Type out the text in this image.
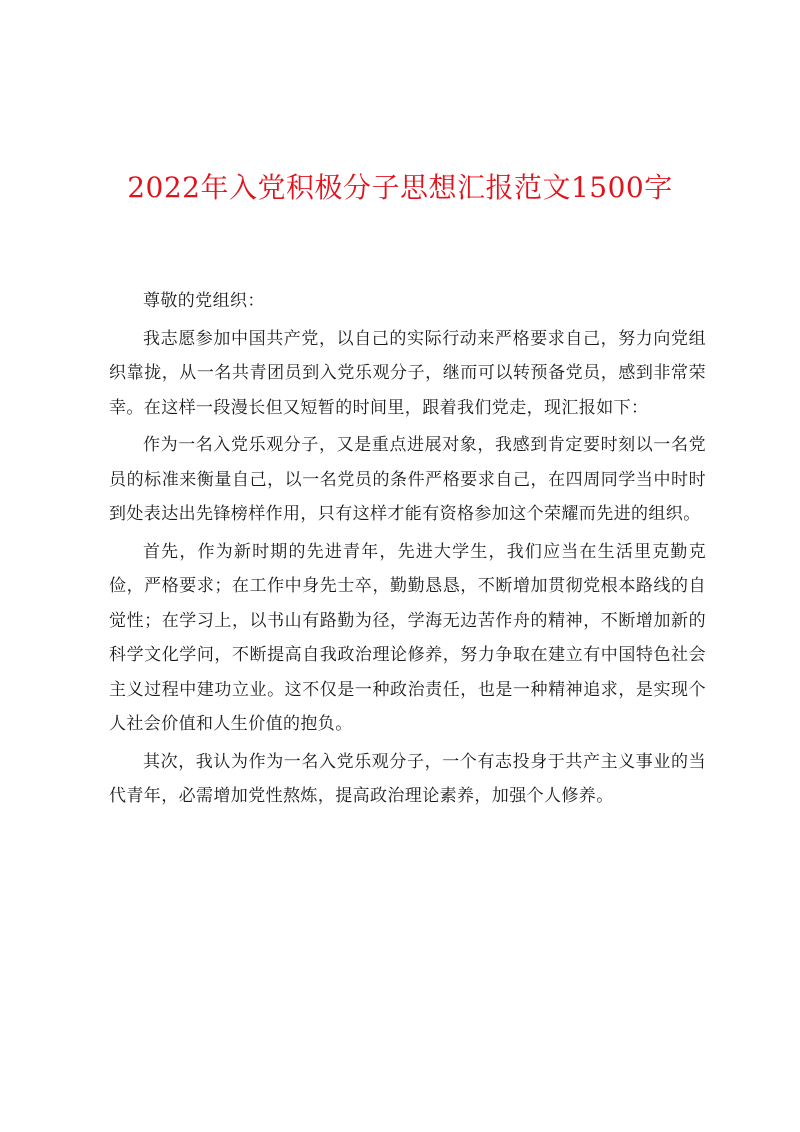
2022年入党积极分子思想汇报范文1500字

尊敬的党组织：

我志愿参加中国共产党，以自己的实际行动来严格要求自己，努力向党组织靠拢，从一名共青团员到入党乐观分子，继而可以转预备党员，感到非常荣幸。在这样一段漫长但又短暂的时间里，跟着我们党走，现汇报如下：

作为一名入党乐观分子，又是重点进展对象，我感到肯定要时刻以一名党员的标准来衡量自己，以一名党员的条件严格要求自己，在四周同学当中时时到处表达出先锋榜样作用，只有这样才能有资格参加这个荣耀而先进的组织。

首先，作为新时期的先进青年，先进大学生，我们应当在生活里克勤克俭，严格要求；在工作中身先士卒，勤勤恳恳，不断增加贯彻党根本路线的自觉性；在学习上，以书山有路勤为径，学海无边苦作舟的精神，不断增加新的科学文化学问，不断提高自我政治理论修养，努力争取在建立有中国特色社会主义过程中建功立业。这不仅是一种政治责任，也是一种精神追求，是实现个人社会价值和人生价值的抱负。

其次，我认为作为一名入党乐观分子，一个有志投身于共产主义事业的当代青年，必需增加党性熬炼，提高政治理论素养，加强个人修养。
